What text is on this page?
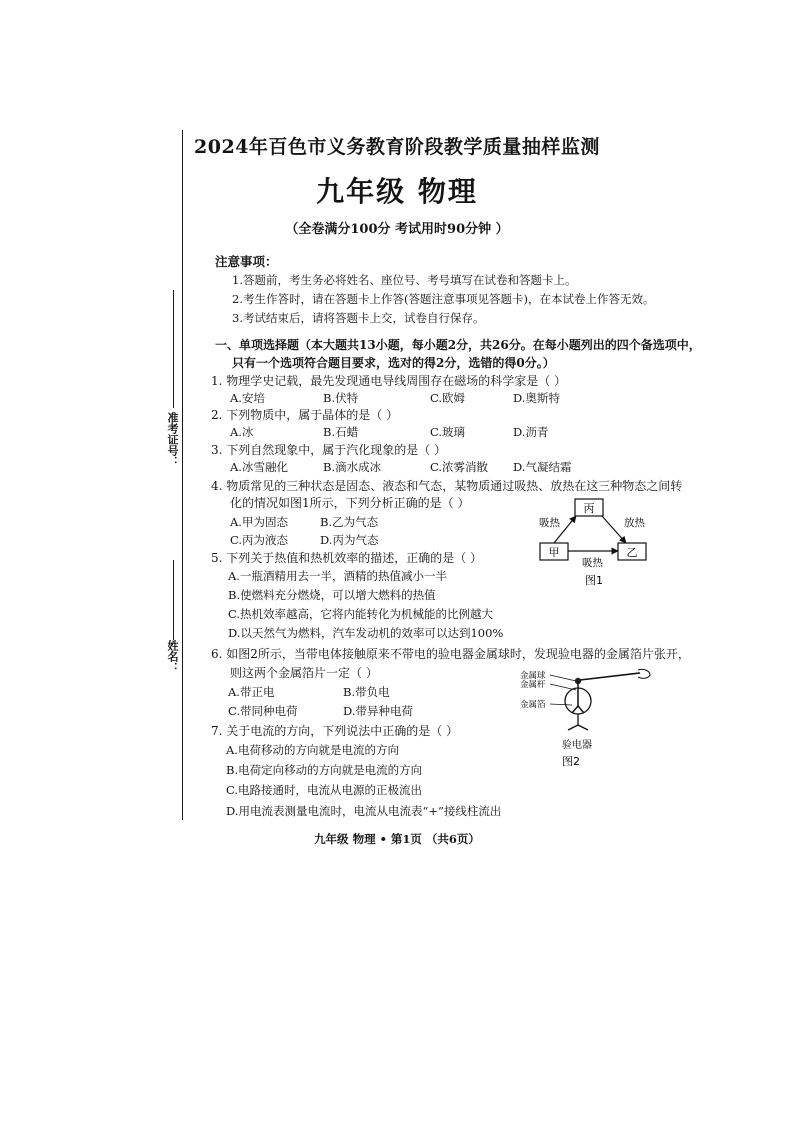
准考证号：
姓名：
2024年百色市义务教育阶段教学质量抽样监测
九年级 物理
（全卷满分100分 考试用时90分钟 ）
注意事项：
1.答题前，考生务必将姓名、座位号、考号填写在试卷和答题卡上。
2.考生作答时，请在答题卡上作答(答题注意事项见答题卡)，在本试卷上作答无效。
3.考试结束后，请将答题卡上交，试卷自行保存。
一、单项选择题（本大题共13小题，每小题2分，共26分。在每小题列出的四个备选项中，
只有一个选项符合题目要求，选对的得2分，选错的得0分。）
1. 物理学史记载，最先发现通电导线周围存在磁场的科学家是（ ）
A.安培	B.伏特	C.欧姆	D.奥斯特
2. 下列物质中，属于晶体的是（ ）
A.冰	B.石蜡	C.玻璃	D.沥青
3. 下列自然现象中，属于汽化现象的是（ ）
A.冰雪融化	B.滴水成冰	C.浓雾消散 D.气凝结霜
4. 物质常见的三种状态是固态、液态和气态，某物质通过吸热、放热在这三种物态之间转
化的情况如图1所示，下列分析正确的是（ ）
A.甲为固态	B.乙为气态
C.丙为液态	D.丙为气态
丙
甲	乙
吸热	放热
吸热
图1
5. 下列关于热值和热机效率的描述，正确的是（ ）
A.一瓶酒精用去一半，酒精的热值减小一半
B.使燃料充分燃烧，可以增大燃料的热值
C.热机效率越高，它将内能转化为机械能的比例越大
D.以天然气为燃料，汽车发动机的效率可以达到100%
6. 如图2所示，当带电体接触原来不带电的验电器金属球时，发现验电器的金属箔片张开，
则这两个金属箔片一定（ ）
A.带正电	B.带负电
C.带同种电荷	D.带异种电荷
金属球
金属杆
金属箔
验电器
图2
7. 关于电流的方向，下列说法中正确的是（ ）
A.电荷移动的方向就是电流的方向
B.电荷定向移动的方向就是电流的方向
C.电路接通时，电流从电源的正极流出
D.用电流表测量电流时，电流从电流表“+”接线柱流出
九年级 物理 • 第1页 （共6页）
